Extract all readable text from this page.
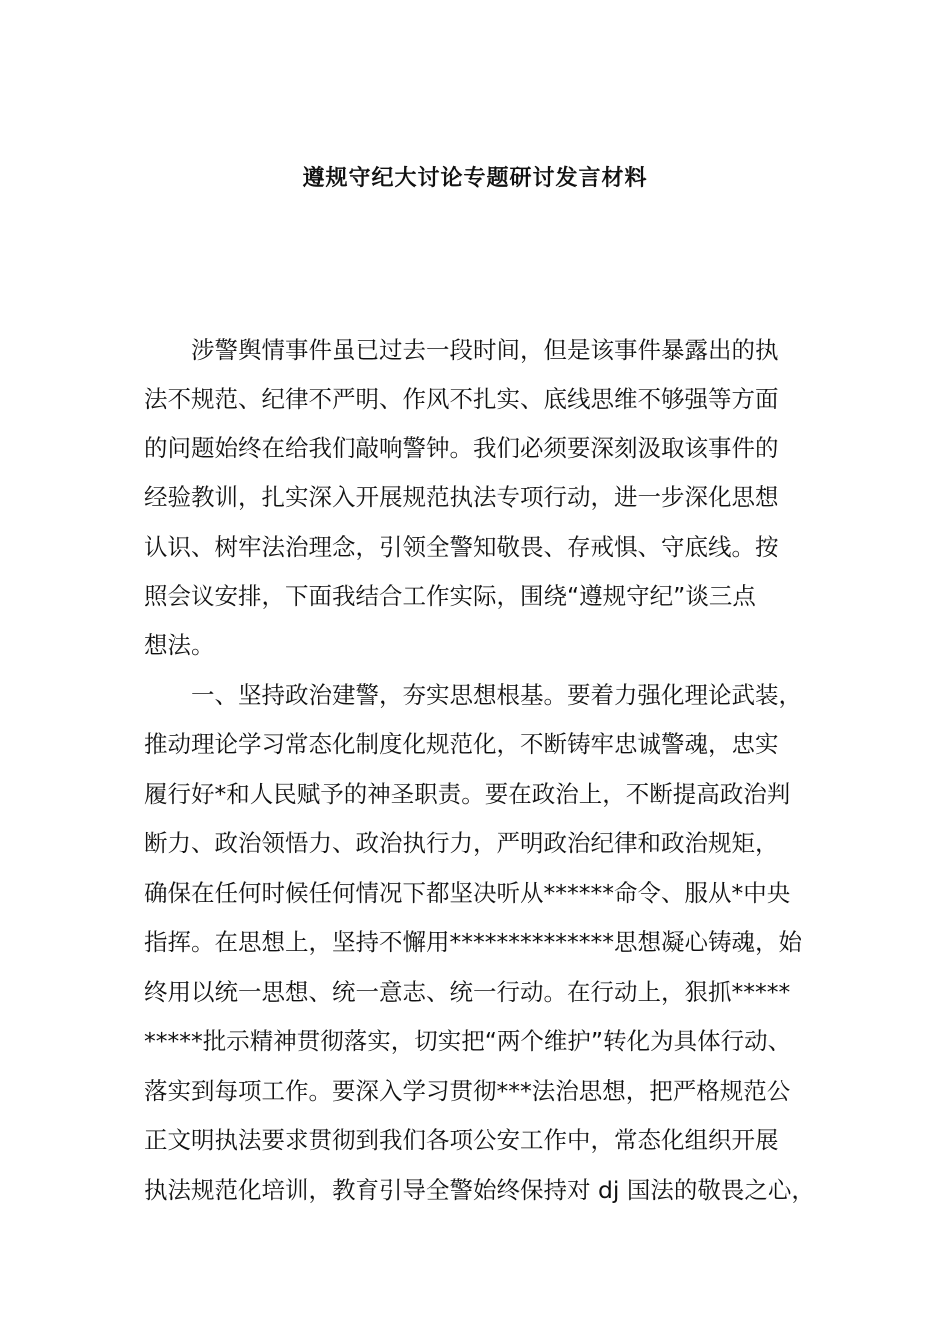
遵规守纪大讨论专题研讨发言材料
涉警舆情事件虽已过去一段时间，但是该事件暴露出的执
法不规范、纪律不严明、作风不扎实、底线思维不够强等方面
的问题始终在给我们敲响警钟。我们必须要深刻汲取该事件的
经验教训，扎实深入开展规范执法专项行动，进一步深化思想
认识、树牢法治理念，引领全警知敬畏、存戒惧、守底线。按
照会议安排，下面我结合工作实际，围绕“遵规守纪”谈三点
想法。
一、坚持政治建警，夯实思想根基。要着力强化理论武装，
推动理论学习常态化制度化规范化，不断铸牢忠诚警魂，忠实
履行好*和人民赋予的神圣职责。要在政治上，不断提高政治判
断力、政治领悟力、政治执行力，严明政治纪律和政治规矩，
确保在任何时候任何情况下都坚决听从******命令、服从*中央
指挥。在思想上，坚持不懈用**************思想凝心铸魂，始
终用以统一思想、统一意志、统一行动。在行动上，狠抓*****
*****批示精神贯彻落实，切实把“两个维护”转化为具体行动、
落实到每项工作。要深入学习贯彻***法治思想，把严格规范公
正文明执法要求贯彻到我们各项公安工作中，常态化组织开展
执法规范化培训，教育引导全警始终保持对 dj 国法的敬畏之心，
